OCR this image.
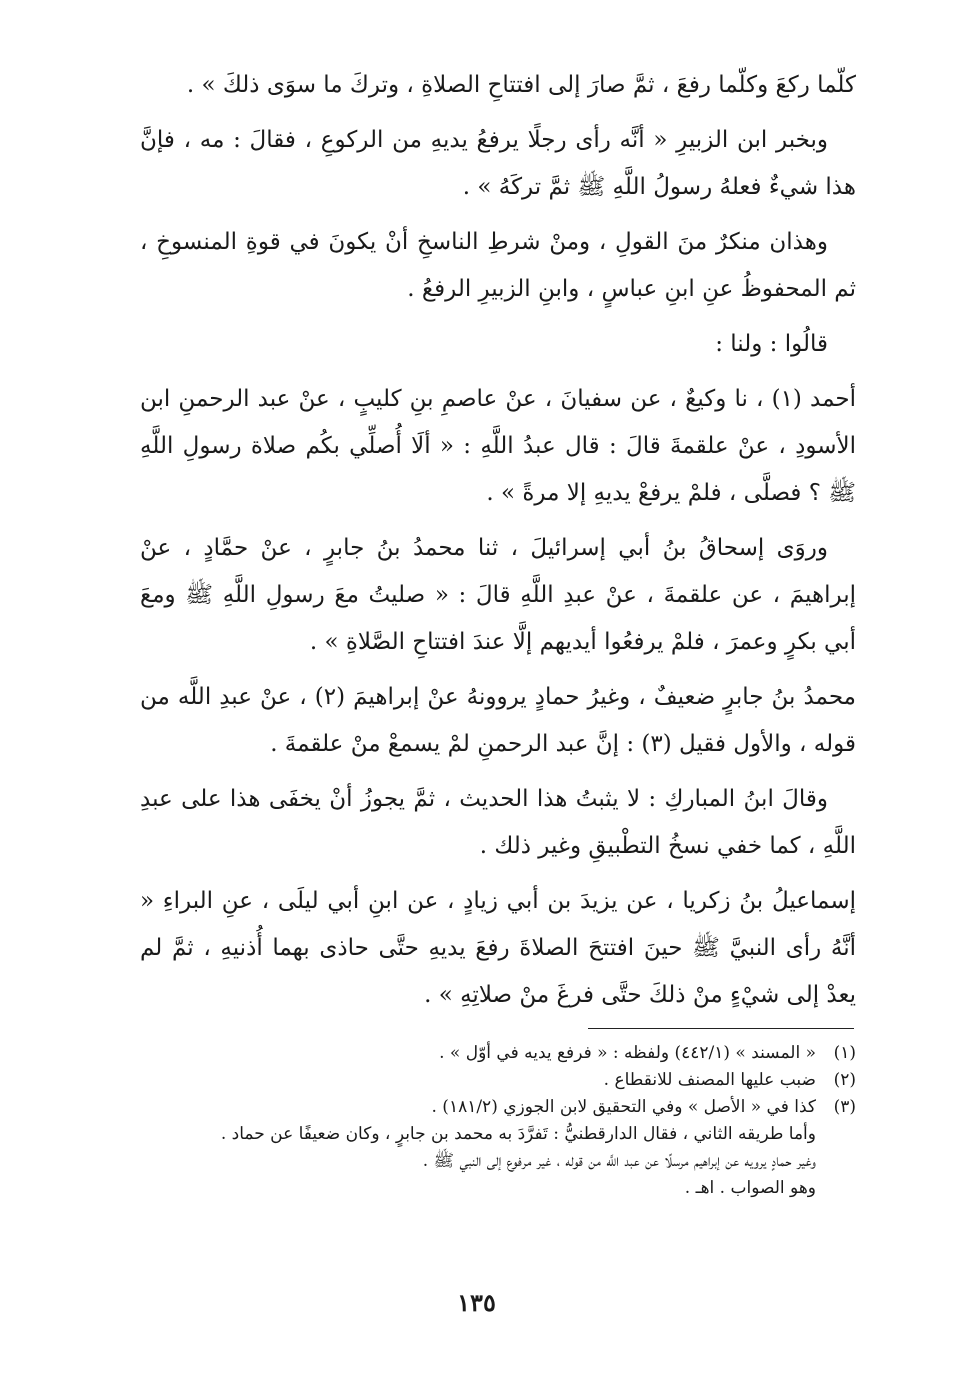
كلّما ركعَ وكلّما رفعَ ، ثمَّ صارَ إلى افتتاحِ الصلاةِ ، وتركَ ما سوَى ذلكَ » .

وبخبر ابن الزبيرِ « أنَّه رأى رجلًا يرفعُ يديهِ من الركوعِ ، فقالَ : مه ، فإنَّ هذا شيءٌ فعلهُ رسولُ اللَّهِ ﷺ ثمَّ تركَهُ » .

وهذان منكرٌ منَ القولِ ، ومنْ شرطِ الناسخِ أنْ يكونَ في قوةِ المنسوخِ ، ثم المحفوظُ عنِ ابنِ عباسٍ ، وابنِ الزبيرِ الرفعُ .

قالُوا : ولنا :

أحمد (١) ، نا وكيعٌ ، عن سفيانَ ، عنْ عاصمِ بنِ كليبٍ ، عنْ عبد الرحمنِ ابن الأسودِ ، عنْ علقمةَ قالَ : قال عبدُ اللَّهِ : « ألَا أُصلِّي بكُم صلاة رسولِ اللَّهِ ﷺ ؟ فصلَّى ، فلمْ يرفعْ يديهِ إلا مرةً » .

وروَى إسحاقُ بنُ أبي إسرائيلَ ، ثنا محمدُ بنُ جابرٍ ، عنْ حمَّادٍ ، عنْ إبراهيمَ ، عن علقمةَ ، عنْ عبدِ اللَّهِ قالَ : « صليتُ معَ رسولِ اللَّهِ ﷺ ومعَ أبي بكرٍ وعمرَ ، فلمْ يرفعُوا أيديهم إلَّا عندَ افتتاحِ الصَّلاةِ » .

محمدُ بنُ جابرٍ ضعيفٌ ، وغيرُ حمادٍ يروونهُ عنْ إبراهيمَ (٢) ، عنْ عبدِ اللَّه من قوله ، والأول فقيل (٣) : إنَّ عبد الرحمنِ لمْ يسمعْ منْ علقمةَ .

وقالَ ابنُ المباركِ : لا يثبتُ هذا الحديث ، ثمَّ يجوزُ أنْ يخفَى هذا على عبدِ اللَّهِ ، كما خفي نسخُ التطْبيقِ وغير ذلك .

إسماعيلُ بنُ زكريا ، عن يزيدَ بن أبي زيادٍ ، عن ابنِ أبي ليلَى ، عنِ البراءِ « أنَّهُ رأى النبيَّ ﷺ حينَ افتتحَ الصلاةَ رفعَ يديهِ حتَّى حاذى بهما أُذنيهِ ، ثمَّ لم يعدْ إلى شيْءٍ منْ ذلكَ حتَّى فرغَ منْ صلاتِهِ » .

(١)
« المسند » (٤٤٢/١) ولفظه : « فرفع يديه في أوّل » .
(٢)
ضبب عليها المصنف للانقطاع .
(٣)
كذا في « الأصل » وفي التحقيق لابن الجوزي (١٨١/٢) .

وأما طريقه الثاني ، فقال الدارقطنيُّ : تَفرَّدَ به محمد بن جابرٍ ، وكان ضعيفًا عن حماد .

وغير حمادٍ يرويه عن إبراهيم مرسلًا عن عبد اللَّه من قوله ، غير مرفوع إلى النبي ﷺ .

وهو الصواب . اهـ .

١٣٥
